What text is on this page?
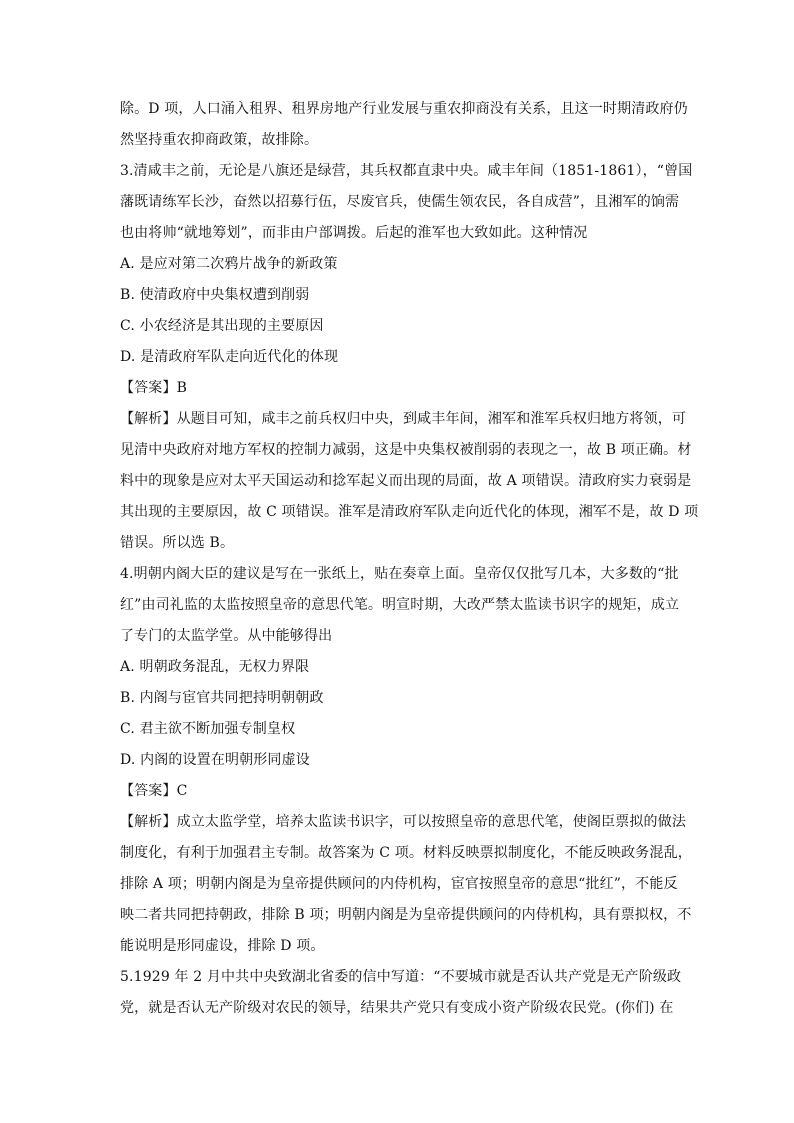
除。D 项，人口涌入租界、租界房地产行业发展与重农抑商没有关系，且这一时期清政府仍
然坚持重农抑商政策，故排除。
3.清咸丰之前，无论是八旗还是绿营，其兵权都直隶中央。咸丰年间（1851-1861），“曾国
藩既请练军长沙，奋然以招募行伍，尽废官兵，使儒生领农民，各自成营”，且湘军的饷需
也由将帅“就地筹划”，而非由户部调拨。后起的淮军也大致如此。这种情况
A. 是应对第二次鸦片战争的新政策
B. 使清政府中央集权遭到削弱
C. 小农经济是其出现的主要原因
D. 是清政府军队走向近代化的体现
【答案】B
【解析】从题目可知，咸丰之前兵权归中央，到咸丰年间，湘军和淮军兵权归地方将领，可
见清中央政府对地方军权的控制力减弱，这是中央集权被削弱的表现之一，故 B 项正确。材
料中的现象是应对太平天国运动和捻军起义而出现的局面，故 A 项错误。清政府实力衰弱是
其出现的主要原因，故 C 项错误。淮军是清政府军队走向近代化的体现，湘军不是，故 D 项
错误。所以选 B。
4.明朝内阁大臣的建议是写在一张纸上，贴在奏章上面。皇帝仅仅批写几本，大多数的“批
红”由司礼监的太监按照皇帝的意思代笔。明宣时期，大改严禁太监读书识字的规矩，成立
了专门的太监学堂。从中能够得出
A. 明朝政务混乱，无权力界限
B. 内阁与宦官共同把持明朝朝政
C. 君主欲不断加强专制皇权
D. 内阁的设置在明朝形同虚设
【答案】C
【解析】成立太监学堂，培养太监读书识字，可以按照皇帝的意思代笔，使阁臣票拟的做法
制度化，有利于加强君主专制。故答案为 C 项。材料反映票拟制度化，不能反映政务混乱，
排除 A 项；明朝内阁是为皇帝提供顾问的内侍机构，宦官按照皇帝的意思“批红”，不能反
映二者共同把持朝政，排除 B 项；明朝内阁是为皇帝提供顾问的内侍机构，具有票拟权，不
能说明是形同虚设，排除 D 项。
5.1929 年 2 月中共中央致湖北省委的信中写道：“不要城市就是否认共产党是无产阶级政
党，就是否认无产阶级对农民的领导，结果共产党只有变成小资产阶级农民党。(你们) 在
